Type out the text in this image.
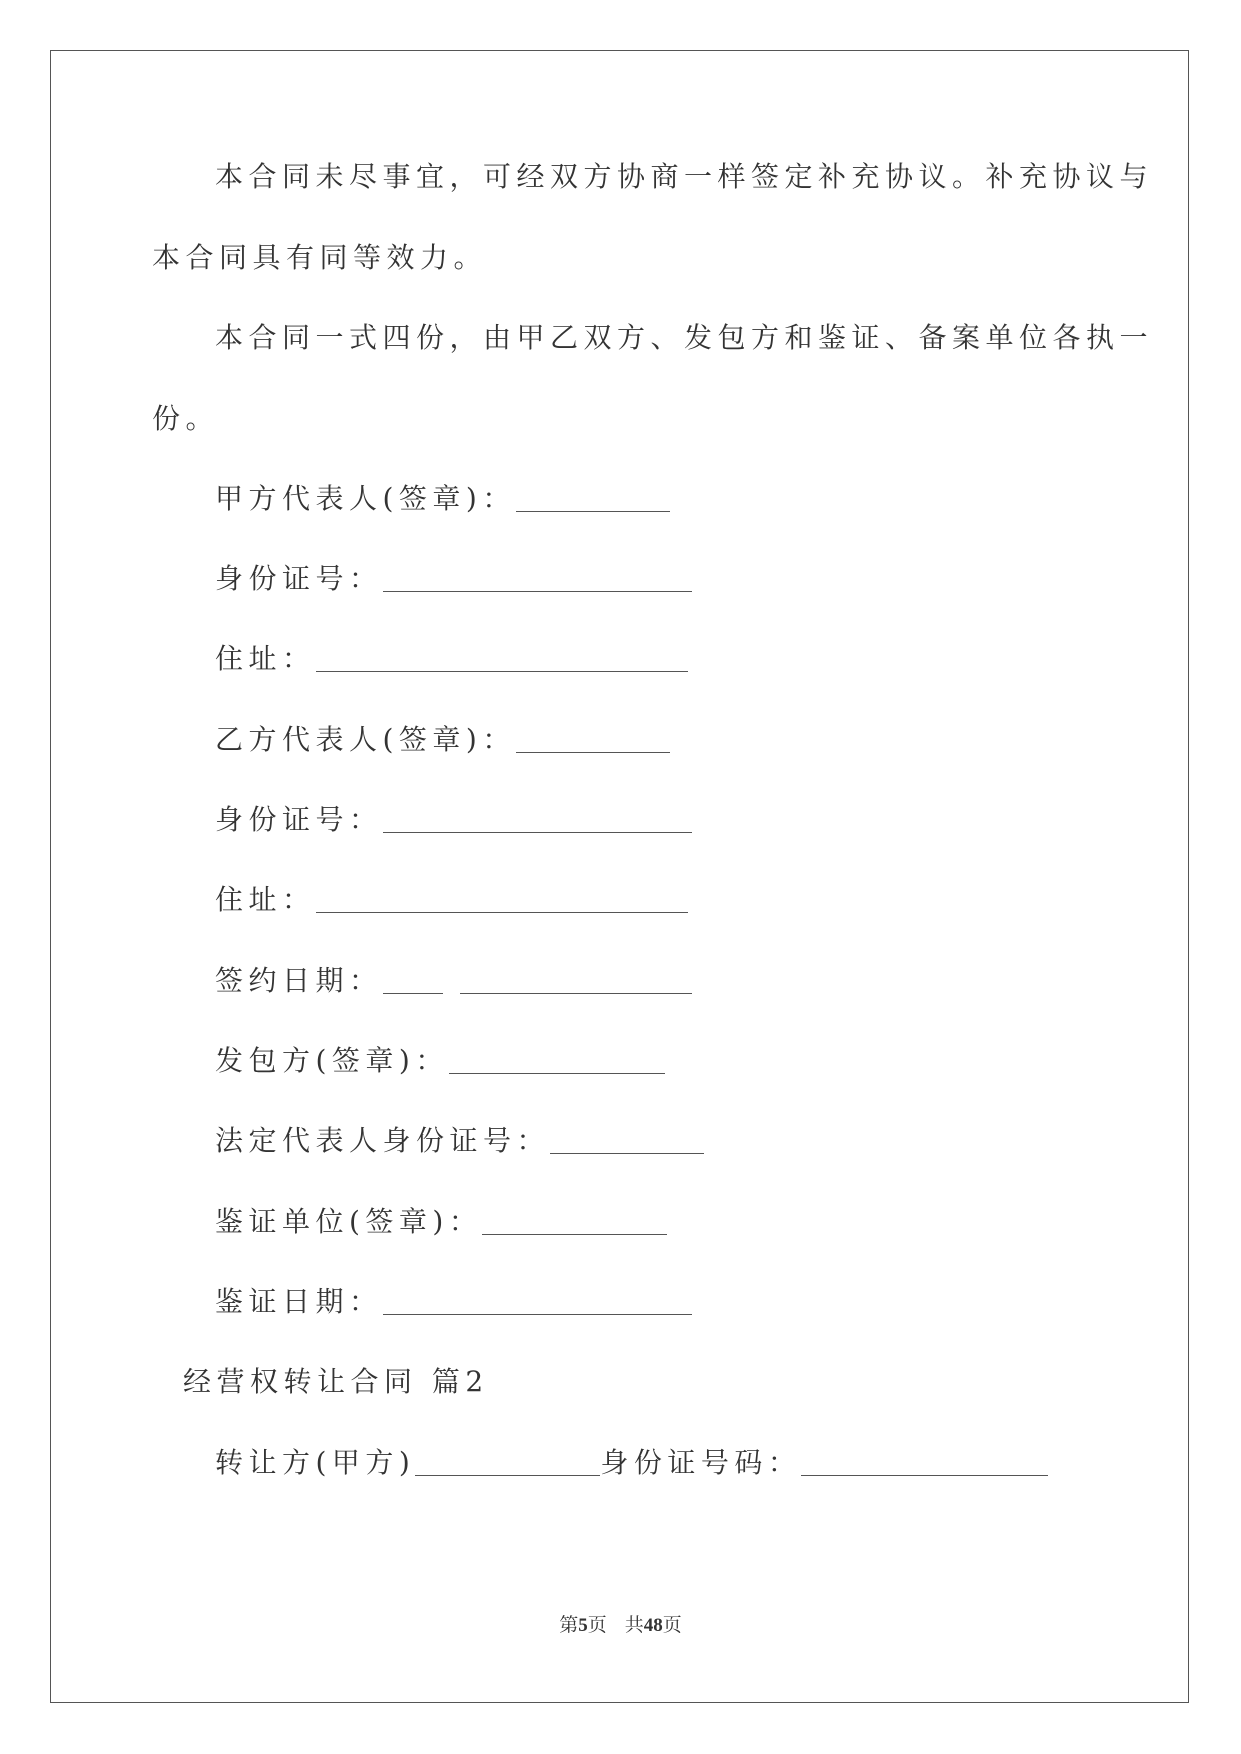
本合同未尽事宜，可经双方协商一样签定补充协议。补充协议与
本合同具有同等效力。
本合同一式四份，由甲乙双方、发包方和鉴证、备案单位各执一
份。
甲方代表人(签章)：
身份证号：
住址：
乙方代表人(签章)：
身份证号：
住址：
签约日期：
发包方(签章)：
法定代表人身份证号：
鉴证单位(签章)：
鉴证日期：
经营权转让合同 篇2
转让方(甲方)	身份证号码：
第5页 共48页
